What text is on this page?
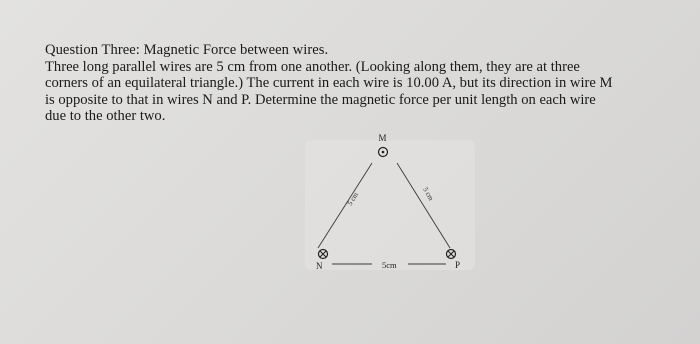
Question Three: Magnetic Force between wires.

Three long parallel wires are 5 cm from one another. (Looking along them, they are at three

corners of an equilateral triangle.) The current in each wire is 10.00 A, but its direction in wire M

is opposite to that in wires N and P. Determine the magnetic force per unit length on each wire

due to the other two.

M
N	P
5cm
5 cm	5 cm
